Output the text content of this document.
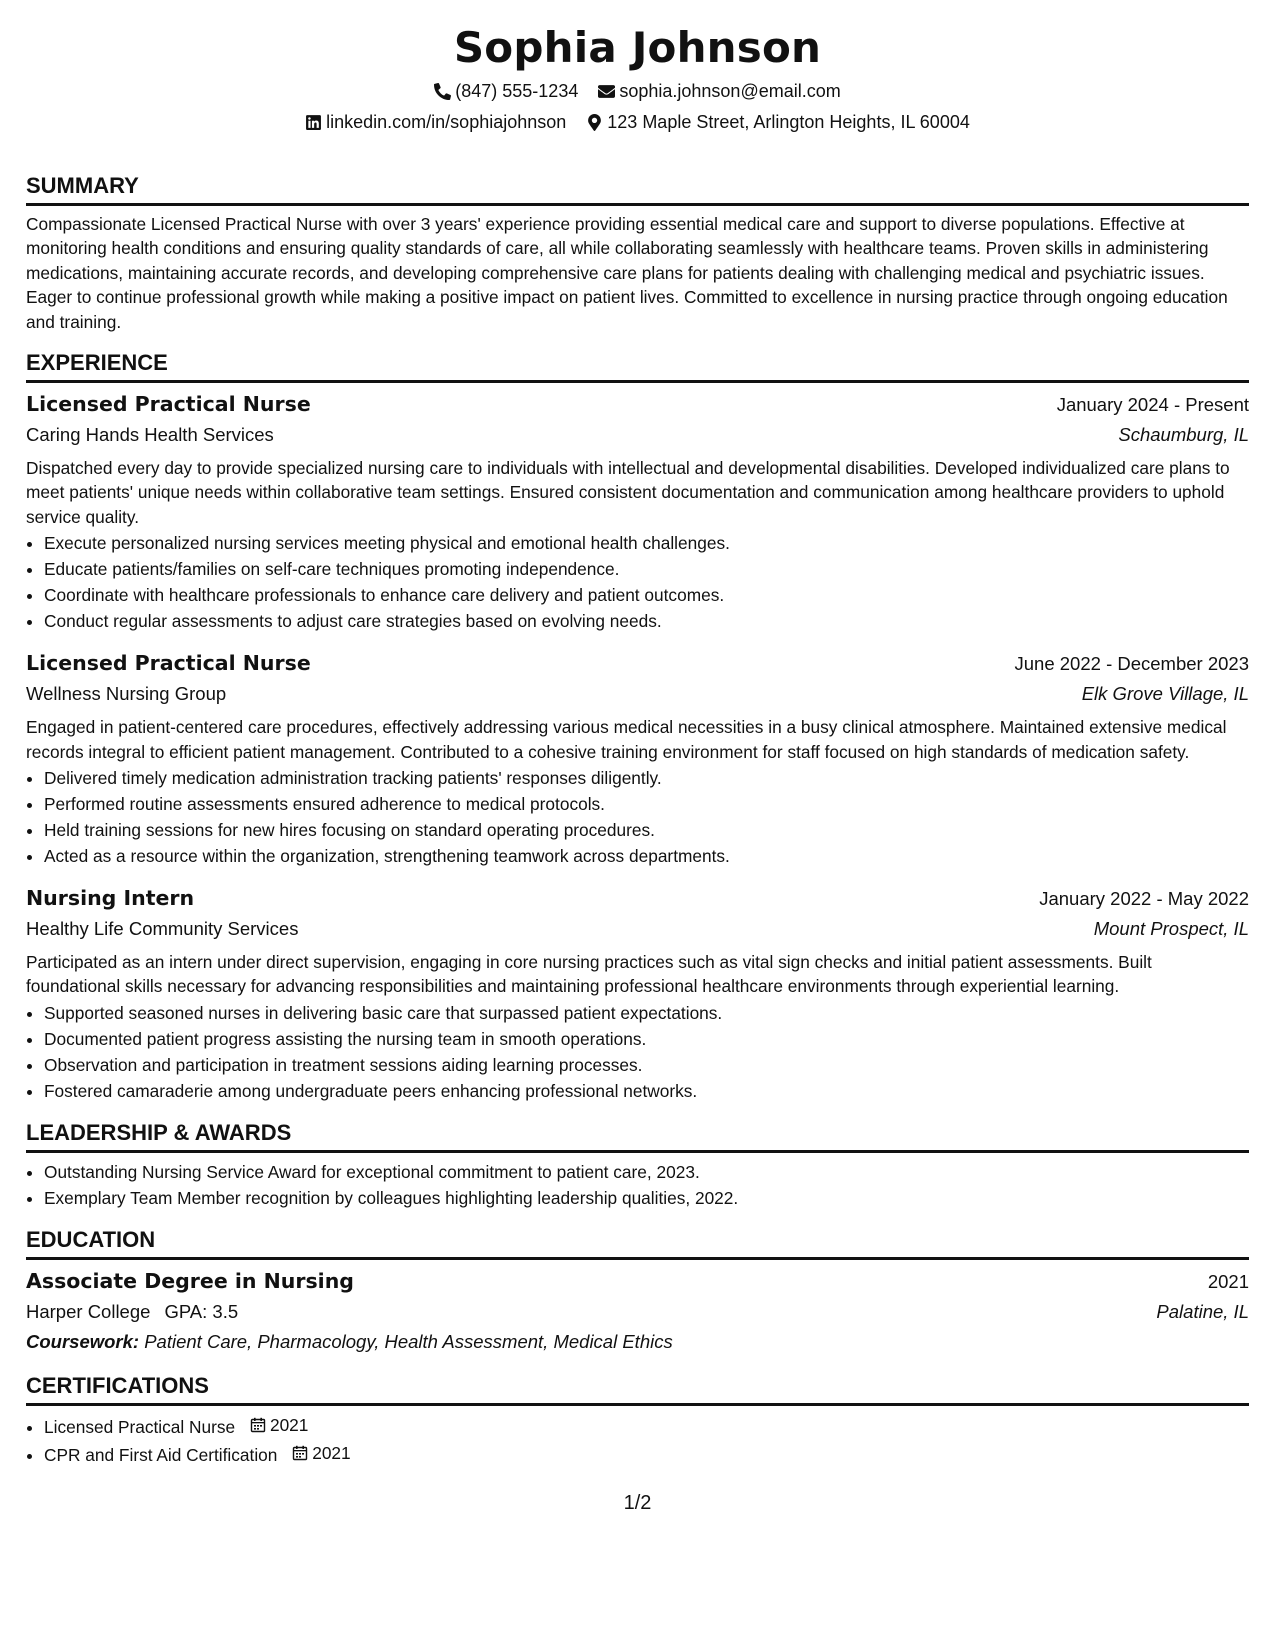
Sophia Johnson
(847) 555-1234 sophia.johnson@email.com
linkedin.com/in/sophiajohnson 123 Maple Street, Arlington Heights, IL 60004
SUMMARY
Compassionate Licensed Practical Nurse with over 3 years' experience providing essential medical care and support to diverse populations. Effective at monitoring health conditions and ensuring quality standards of care, all while collaborating seamlessly with healthcare teams. Proven skills in administering medications, maintaining accurate records, and developing comprehensive care plans for patients dealing with challenging medical and psychiatric issues. Eager to continue professional growth while making a positive impact on patient lives. Committed to excellence in nursing practice through ongoing education and training.
EXPERIENCE
Licensed Practical Nurse	January 2024 - Present
Caring Hands Health Services	Schaumburg, IL
Dispatched every day to provide specialized nursing care to individuals with intellectual and developmental disabilities. Developed individualized care plans to meet patients' unique needs within collaborative team settings. Ensured consistent documentation and communication among healthcare providers to uphold service quality.
• Execute personalized nursing services meeting physical and emotional health challenges.
• Educate patients/families on self-care techniques promoting independence.
• Coordinate with healthcare professionals to enhance care delivery and patient outcomes.
• Conduct regular assessments to adjust care strategies based on evolving needs.
Licensed Practical Nurse	June 2022 - December 2023
Wellness Nursing Group	Elk Grove Village, IL
Engaged in patient-centered care procedures, effectively addressing various medical necessities in a busy clinical atmosphere. Maintained extensive medical records integral to efficient patient management. Contributed to a cohesive training environment for staff focused on high standards of medication safety.
• Delivered timely medication administration tracking patients' responses diligently.
• Performed routine assessments ensured adherence to medical protocols.
• Held training sessions for new hires focusing on standard operating procedures.
• Acted as a resource within the organization, strengthening teamwork across departments.
Nursing Intern	January 2022 - May 2022
Healthy Life Community Services	Mount Prospect, IL
Participated as an intern under direct supervision, engaging in core nursing practices such as vital sign checks and initial patient assessments. Built foundational skills necessary for advancing responsibilities and maintaining professional healthcare environments through experiential learning.
• Supported seasoned nurses in delivering basic care that surpassed patient expectations.
• Documented patient progress assisting the nursing team in smooth operations.
• Observation and participation in treatment sessions aiding learning processes.
• Fostered camaraderie among undergraduate peers enhancing professional networks.
LEADERSHIP & AWARDS
• Outstanding Nursing Service Award for exceptional commitment to patient care, 2023.
• Exemplary Team Member recognition by colleagues highlighting leadership qualities, 2022.
EDUCATION
Associate Degree in Nursing	2021
Harper College GPA: 3.5	Palatine, IL
Coursework: Patient Care, Pharmacology, Health Assessment, Medical Ethics
CERTIFICATIONS
• Licensed Practical Nurse 2021
• CPR and First Aid Certification 2021
1/2
